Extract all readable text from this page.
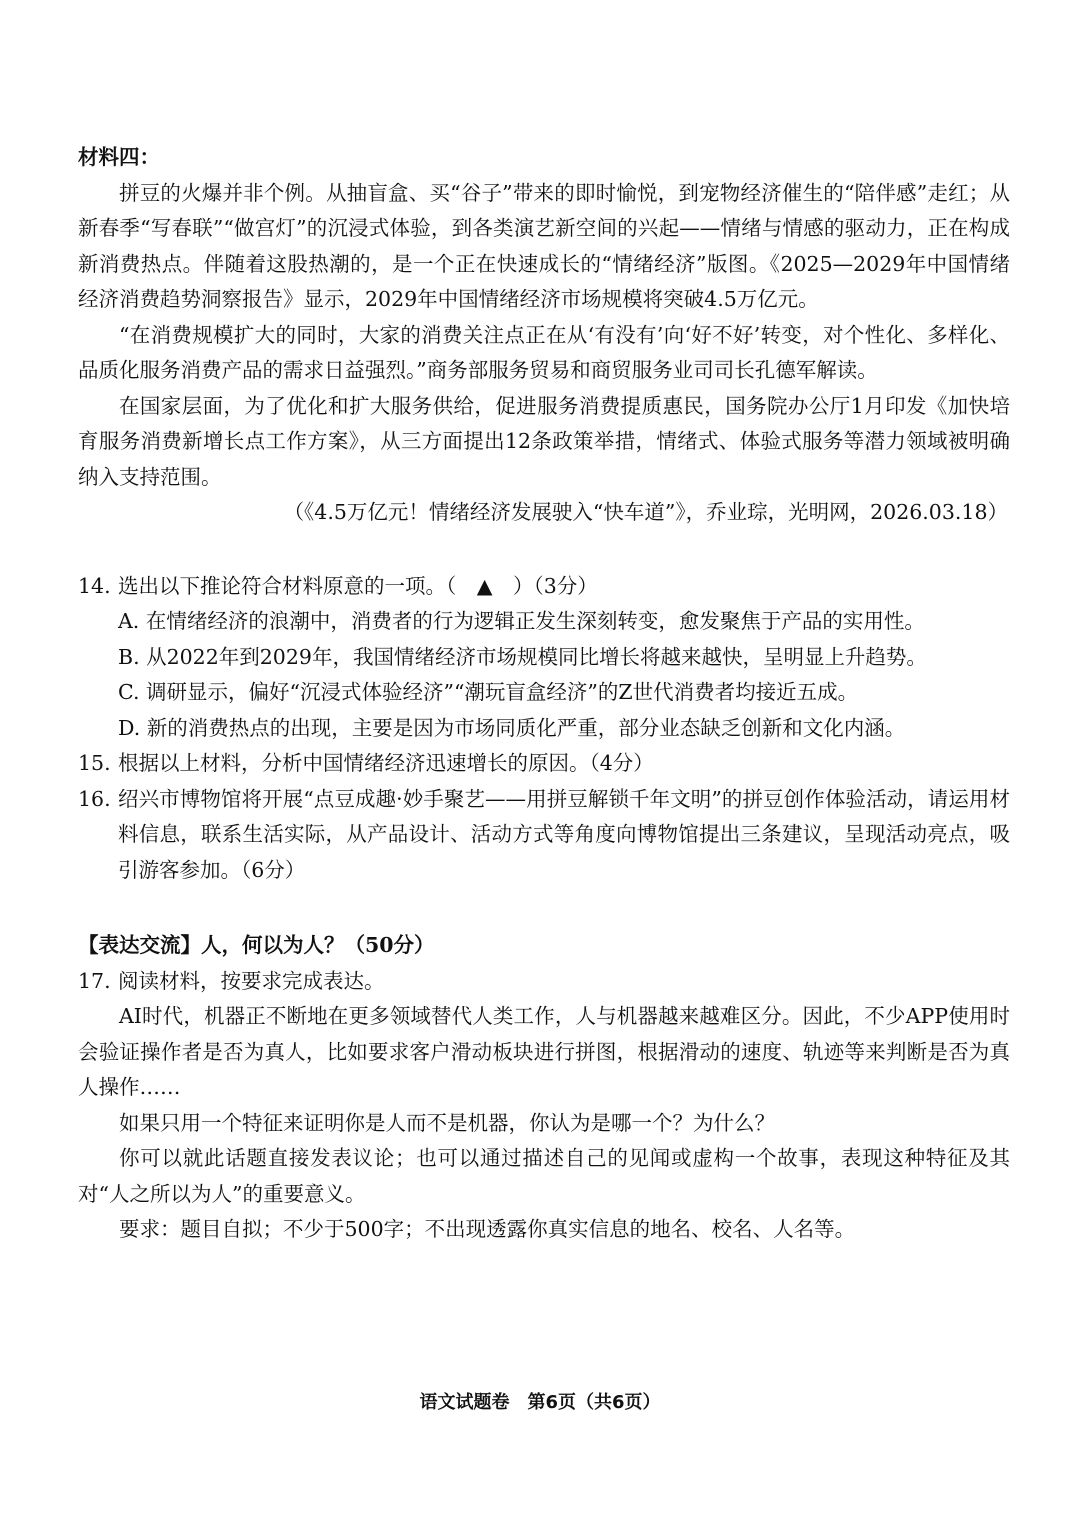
材料四：

拼豆的火爆并非个例。从抽盲盒、买“谷子”带来的即时愉悦，到宠物经济催生的“陪伴感”走红；从新春季“写春联”“做宫灯”的沉浸式体验，到各类演艺新空间的兴起——情绪与情感的驱动力，正在构成新消费热点。伴随着这股热潮的，是一个正在快速成长的“情绪经济”版图。《2025—2029年中国情绪经济消费趋势洞察报告》显示，2029年中国情绪经济市场规模将突破4.5万亿元。

“在消费规模扩大的同时，大家的消费关注点正在从‘有没有’向‘好不好’转变，对个性化、多样化、品质化服务消费产品的需求日益强烈。”商务部服务贸易和商贸服务业司司长孔德军解读。

在国家层面，为了优化和扩大服务供给，促进服务消费提质惠民，国务院办公厅1月印发《加快培育服务消费新增长点工作方案》，从三方面提出12条政策举措，情绪式、体验式服务等潜力领域被明确纳入支持范围。

（《4.5万亿元！情绪经济发展驶入“快车道”》，乔业琮，光明网，2026.03.18）

14. 选出以下推论符合材料原意的一项。（　▲　）（3分）

A. 在情绪经济的浪潮中，消费者的行为逻辑正发生深刻转变，愈发聚焦于产品的实用性。

B. 从2022年到2029年，我国情绪经济市场规模同比增长将越来越快，呈明显上升趋势。

C. 调研显示，偏好“沉浸式体验经济”“潮玩盲盒经济”的Z世代消费者均接近五成。

D. 新的消费热点的出现，主要是因为市场同质化严重，部分业态缺乏创新和文化内涵。

15. 根据以上材料，分析中国情绪经济迅速增长的原因。（4分）
16. 绍兴市博物馆将开展“点豆成趣·妙手聚艺——用拼豆解锁千年文明”的拼豆创作体验活动，请运用材料信息，联系生活实际，从产品设计、活动方式等角度向博物馆提出三条建议，呈现活动亮点，吸引游客参加。（6分）

【表达交流】人，何以为人？（50分）

17. 阅读材料，按要求完成表达。

AI时代，机器正不断地在更多领域替代人类工作，人与机器越来越难区分。因此，不少APP使用时会验证操作者是否为真人，比如要求客户滑动板块进行拼图，根据滑动的速度、轨迹等来判断是否为真人操作……

如果只用一个特征来证明你是人而不是机器，你认为是哪一个？为什么？

你可以就此话题直接发表议论；也可以通过描述自己的见闻或虚构一个故事，表现这种特征及其对“人之所以为人”的重要意义。

要求：题目自拟；不少于500字；不出现透露你真实信息的地名、校名、人名等。

语文试题卷　第6页（共6页）
